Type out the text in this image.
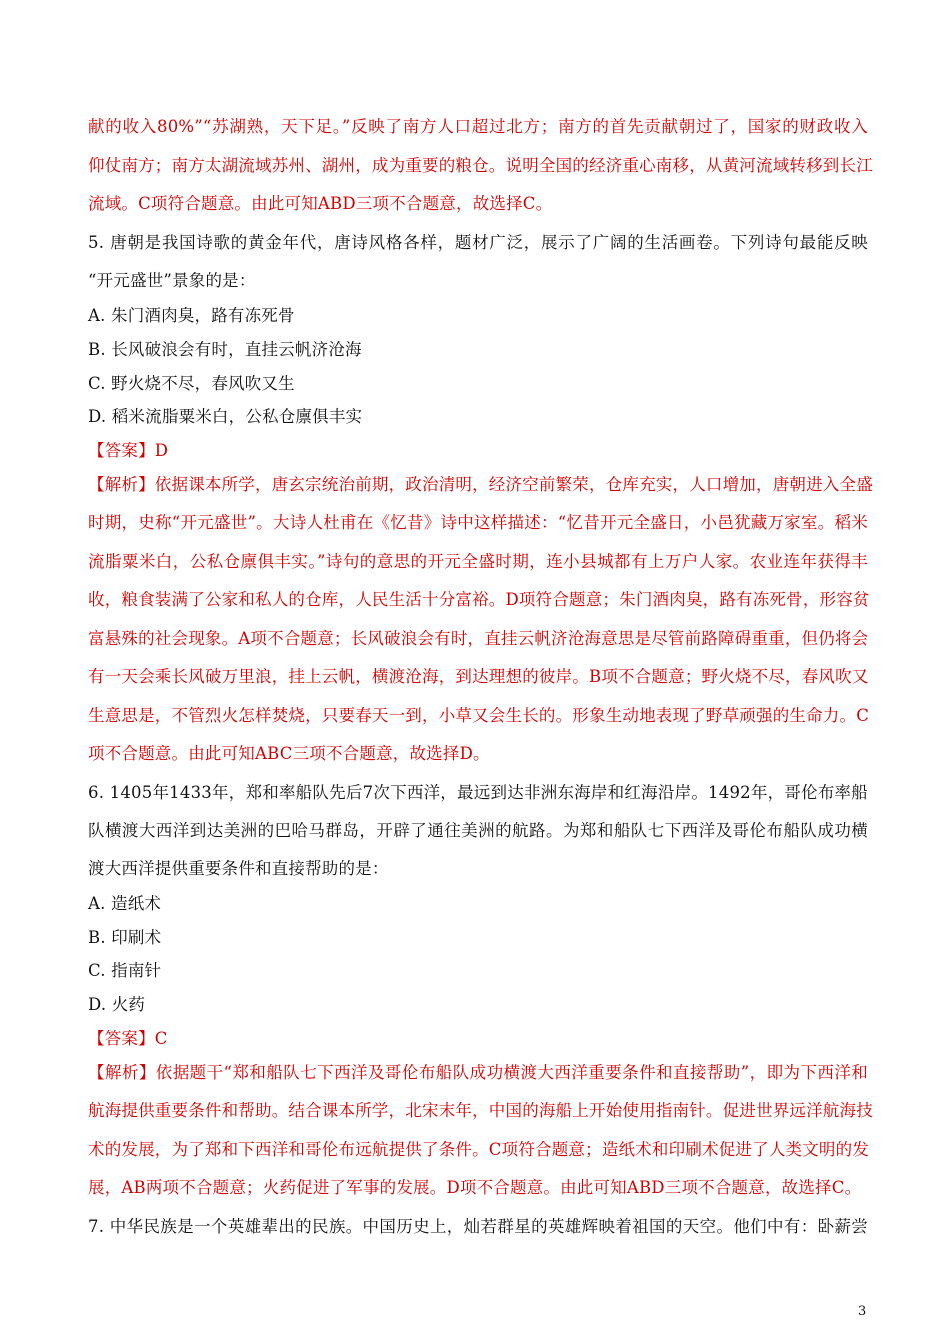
献的收入80%”“苏湖熟，天下足。”反映了南方人口超过北方；南方的首先贡献朝过了，国家的财政收入
仰仗南方；南方太湖流域苏州、湖州，成为重要的粮仓。说明全国的经济重心南移，从黄河流域转移到长江
流域。C项符合题意。由此可知ABD三项不合题意，故选择C。
5. 唐朝是我国诗歌的黄金年代，唐诗风格各样，题材广泛，展示了广阔的生活画卷。下列诗句最能反映
“开元盛世”景象的是：
A. 朱门酒肉臭，路有冻死骨
B. 长风破浪会有时，直挂云帆济沧海
C. 野火烧不尽，春风吹又生
D. 稻米流脂粟米白，公私仓廪俱丰实
【答案】D
【解析】依据课本所学，唐玄宗统治前期，政治清明，经济空前繁荣，仓库充实，人口增加，唐朝进入全盛
时期，史称“开元盛世”。大诗人杜甫在《忆昔》诗中这样描述：“忆昔开元全盛日，小邑犹藏万家室。稻米
流脂粟米白，公私仓廪俱丰实。”诗句的意思的开元全盛时期，连小县城都有上万户人家。农业连年获得丰
收，粮食装满了公家和私人的仓库，人民生活十分富裕。D项符合题意；朱门酒肉臭，路有冻死骨，形容贫
富悬殊的社会现象。A项不合题意；长风破浪会有时，直挂云帆济沧海意思是尽管前路障碍重重，但仍将会
有一天会乘长风破万里浪，挂上云帆，横渡沧海，到达理想的彼岸。B项不合题意；野火烧不尽，春风吹又
生意思是，不管烈火怎样焚烧，只要春天一到，小草又会生长的。形象生动地表现了野草顽强的生命力。C
项不合题意。由此可知ABC三项不合题意，故选择D。
6. 1405年1433年，郑和率船队先后7次下西洋，最远到达非洲东海岸和红海沿岸。1492年，哥伦布率船
队横渡大西洋到达美洲的巴哈马群岛，开辟了通往美洲的航路。为郑和船队七下西洋及哥伦布船队成功横
渡大西洋提供重要条件和直接帮助的是：
A. 造纸术
B. 印刷术
C. 指南针
D. 火药
【答案】C
【解析】依据题干“郑和船队七下西洋及哥伦布船队成功横渡大西洋重要条件和直接帮助”，即为下西洋和
航海提供重要条件和帮助。结合课本所学，北宋末年，中国的海船上开始使用指南针。促进世界远洋航海技
术的发展，为了郑和下西洋和哥伦布远航提供了条件。C项符合题意；造纸术和印刷术促进了人类文明的发
展，AB两项不合题意；火药促进了军事的发展。D项不合题意。由此可知ABD三项不合题意，故选择C。
7. 中华民族是一个英雄辈出的民族。中国历史上，灿若群星的英雄辉映着祖国的天空。他们中有：卧薪尝
3
